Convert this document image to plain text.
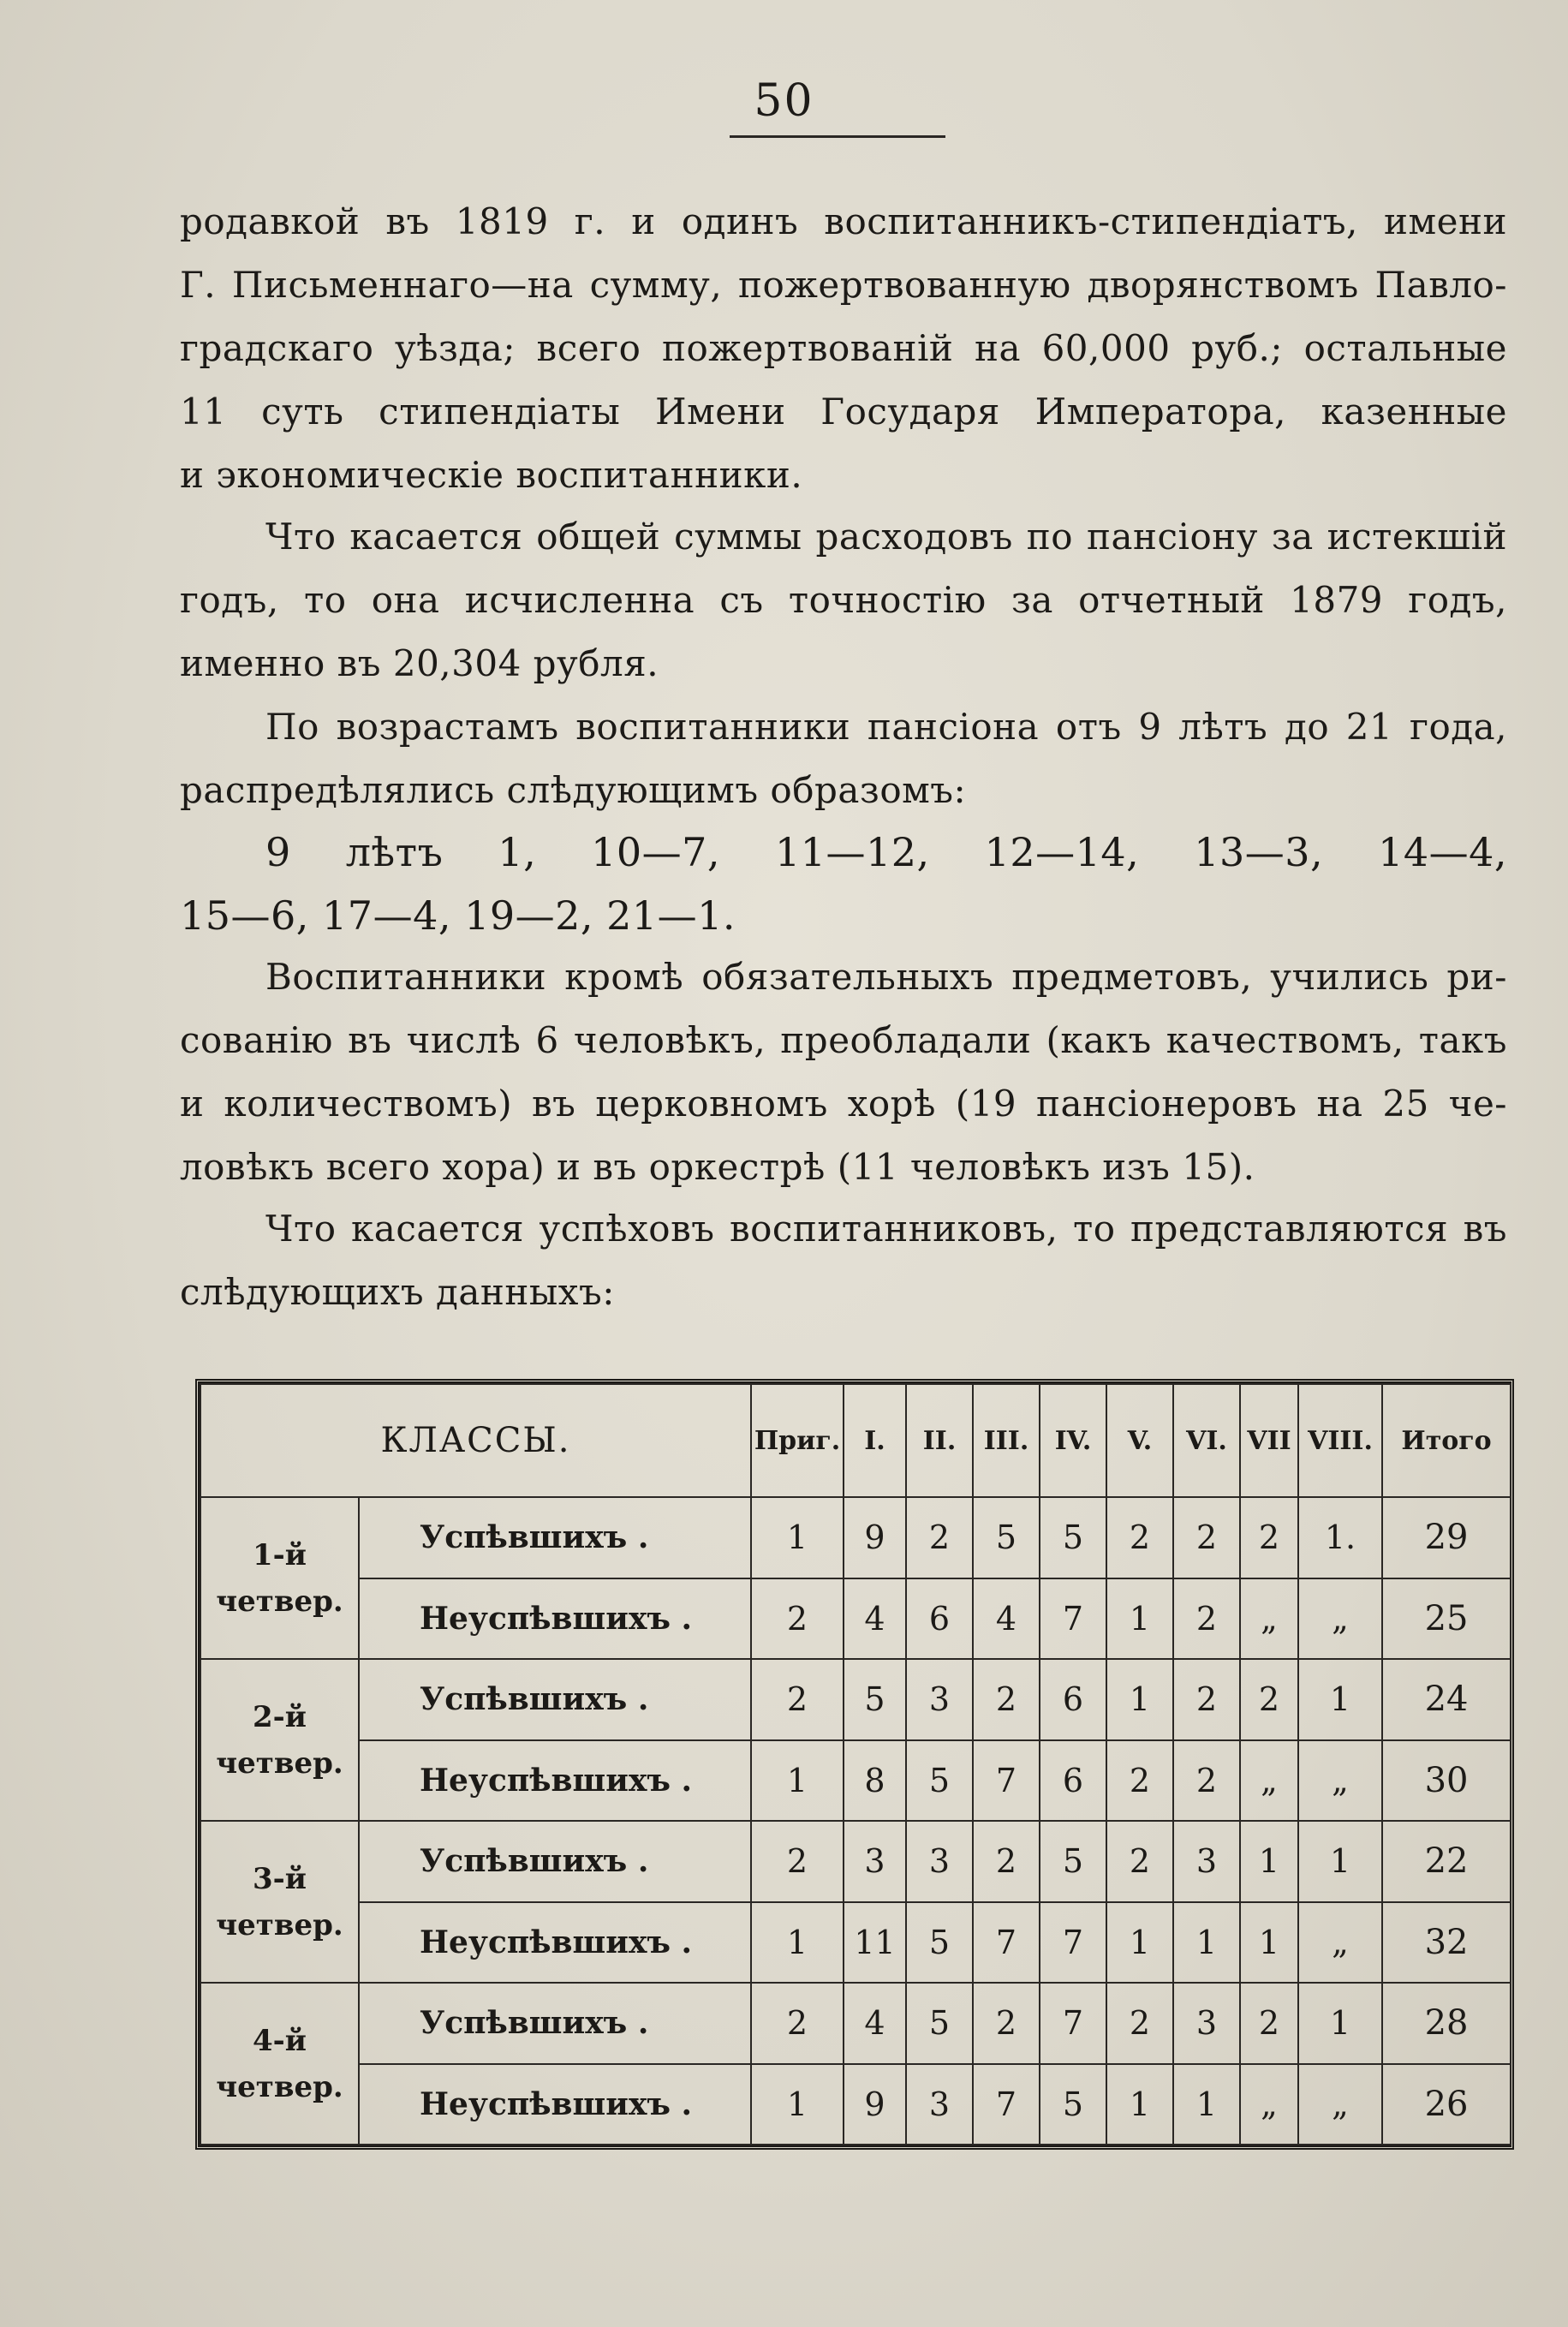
50
родавкой въ 1819 г. и одинъ воспитанникъ-стипендіатъ, имени
Г. Письменнаго—на сумму, пожертвованную дворянствомъ Павло-
градскаго уѣзда; всего пожертвованій на 60,000 руб.; остальные
11 суть стипендіаты Имени Государя Императора, казенные
и экономическіе воспитанники.
Что касается общей суммы расходовъ по пансіону за истекшій
годъ, то она исчисленна съ точностію за отчетный 1879 годъ,
именно въ 20,304 рубля.
По возрастамъ воспитанники пансіона отъ 9 лѣтъ до 21 года,
распредѣлялись слѣдующимъ образомъ:
9 лѣтъ 1, 10—7, 11—12, 12—14, 13—3, 14—4,
15—6, 17—4, 19—2, 21—1.
Воспитанники кромѣ обязательныхъ предметовъ, учились ри-
сованію въ числѣ 6 человѣкъ, преобладали (какъ качествомъ, такъ
и количествомъ) въ церковномъ хорѣ (19 пансіонеровъ на 25 че-
ловѣкъ всего хора) и въ оркестрѣ (11 человѣкъ изъ 15).
Что касается успѣховъ воспитанниковъ, то представляются въ
слѣдующихъ данныхъ:
КЛАССЫ.		Приг.	I.	II.	III.	IV.	V.	VI.	VII	VIII.	Итого

1-й
четвер.	Успѣвшихъ .	1	9	2	5	5	2	2	2	1.	29
	Неуспѣвшихъ .	2	4	6	4	7	1	2	„	„	25

2-й
четвер.	Успѣвшихъ .	2	5	3	2	6	1	2	2	1	24
	Неуспѣвшихъ .	1	8	5	7	6	2	2	„	„	30

3-й
четвер.	Успѣвшихъ .	2	3	3	2	5	2	3	1	1	22
	Неуспѣвшихъ .	1	11	5	7	7	1	1	1	„	32

4-й
четвер.	Успѣвшихъ .	2	4	5	2	7	2	3	2	1	28
	Неуспѣвшихъ .	1	9	3	7	5	1	1	„	„	26
